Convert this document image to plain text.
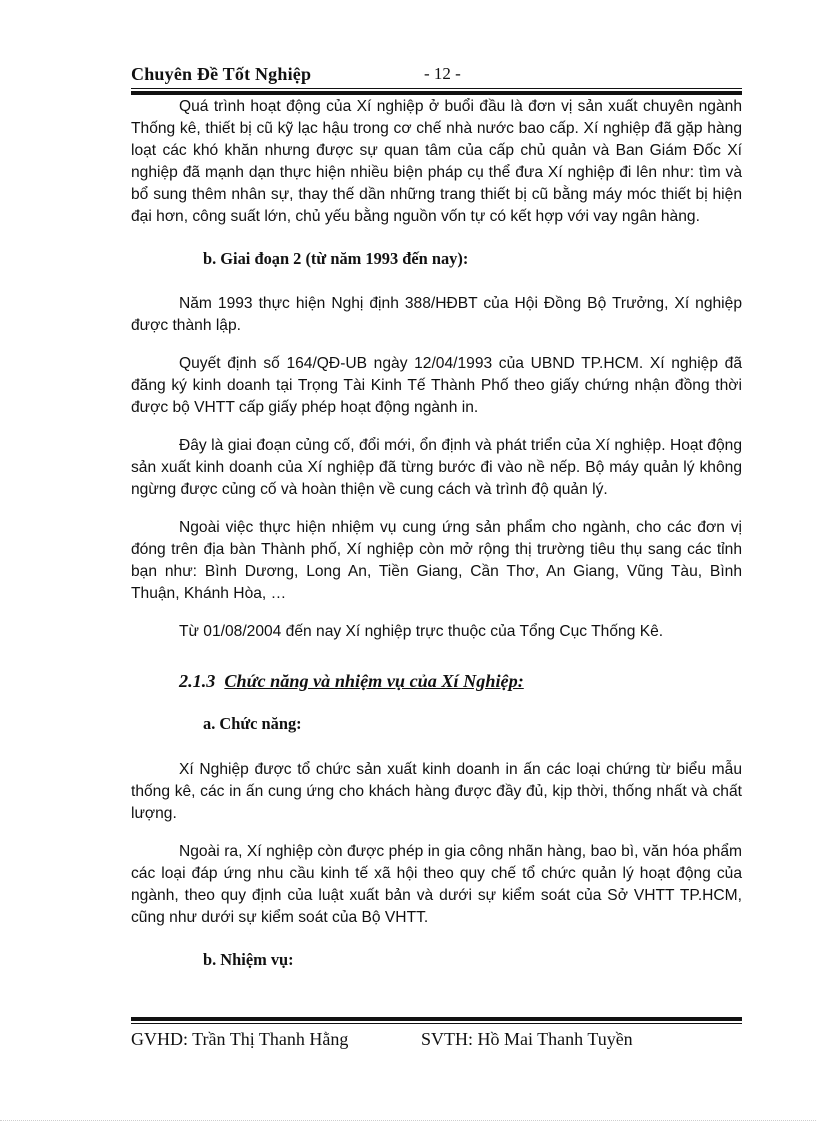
Chuyên Đề Tốt Nghiệp	- 12 -

Quá trình hoạt động của Xí nghiệp ở buổi đầu là đơn vị sản xuất chuyên ngành Thống kê, thiết bị cũ kỹ lạc hậu trong cơ chế nhà nước bao cấp. Xí nghiệp đã gặp hàng loạt các khó khăn nhưng được sự quan tâm của cấp chủ quản và Ban Giám Đốc Xí nghiệp đã mạnh dạn thực hiện nhiều biện pháp cụ thể đưa Xí nghiệp đi lên như: tìm và bổ sung thêm nhân sự, thay thế dần những trang thiết bị cũ bằng máy móc thiết bị hiện đại hơn, công suất lớn, chủ yếu bằng nguồn vốn tự có kết hợp với vay ngân hàng.

b. Giai đoạn 2 (từ năm 1993 đến nay):

Năm 1993 thực hiện Nghị định 388/HĐBT của Hội Đồng Bộ Trưởng, Xí nghiệp được thành lập.

Quyết định số 164/QĐ-UB ngày 12/04/1993 của UBND TP.HCM. Xí nghiệp đã đăng ký kinh doanh tại Trọng Tài Kinh Tế Thành Phố theo giấy chứng nhận đồng thời được bộ VHTT cấp giấy phép hoạt động ngành in.

Đây là giai đoạn củng cố, đổi mới, ổn định và phát triển của Xí nghiệp. Hoạt động sản xuất kinh doanh của Xí nghiệp đã từng bước đi vào nề nếp. Bộ máy quản lý không ngừng được củng cố và hoàn thiện về cung cách và trình độ quản lý.

Ngoài việc thực hiện nhiệm vụ cung ứng sản phẩm cho ngành, cho các đơn vị đóng trên địa bàn Thành phố, Xí nghiệp còn mở rộng thị trường tiêu thụ sang các tỉnh bạn như: Bình Dương, Long An, Tiền Giang, Cần Thơ, An Giang, Vũng Tàu, Bình Thuận, Khánh Hòa, …

Từ 01/08/2004 đến nay Xí nghiệp trực thuộc của Tổng Cục Thống Kê.

2.1.3 Chức năng và nhiệm vụ của Xí Nghiệp:

a. Chức năng:

Xí Nghiệp được tổ chức sản xuất kinh doanh in ấn các loại chứng từ biểu mẫu thống kê, các in ấn cung ứng cho khách hàng được đầy đủ, kịp thời, thống nhất và chất lượng.

Ngoài ra, Xí nghiệp còn được phép in gia công nhãn hàng, bao bì, văn hóa phẩm các loại đáp ứng nhu cầu kinh tế xã hội theo quy chế tổ chức quản lý hoạt động của ngành, theo quy định của luật xuất bản và dưới sự kiểm soát của Sở VHTT TP.HCM, cũng như dưới sự kiểm soát của Bộ VHTT.

b. Nhiệm vụ:

GVHD: Trần Thị Thanh Hằng	SVTH: Hồ Mai Thanh Tuyền
